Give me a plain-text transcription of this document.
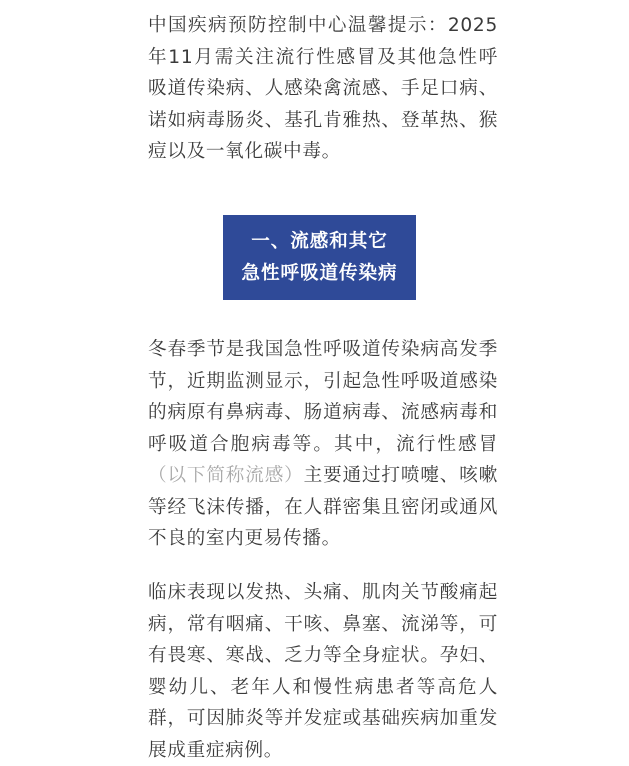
中国疾病预防控制中心温馨提示：2025年11月需关注流行性感冒及其他急性呼吸道传染病、人感染禽流感、手足口病、诺如病毒肠炎、基孔肯雅热、登革热、猴痘以及一氧化碳中毒。

一、流感和其它
急性呼吸道传染病

冬春季节是我国急性呼吸道传染病高发季节，近期监测显示，引起急性呼吸道感染的病原有鼻病毒、肠道病毒、流感病毒和呼吸道合胞病毒等。其中，流行性感冒（以下简称流感）主要通过打喷嚏、咳嗽等经飞沫传播，在人群密集且密闭或通风不良的室内更易传播。

临床表现以发热、头痛、肌肉关节酸痛起病，常有咽痛、干咳、鼻塞、流涕等，可有畏寒、寒战、乏力等全身症状。孕妇、婴幼儿、老年人和慢性病患者等高危人群，可因肺炎等并发症或基础疾病加重发展成重症病例。
